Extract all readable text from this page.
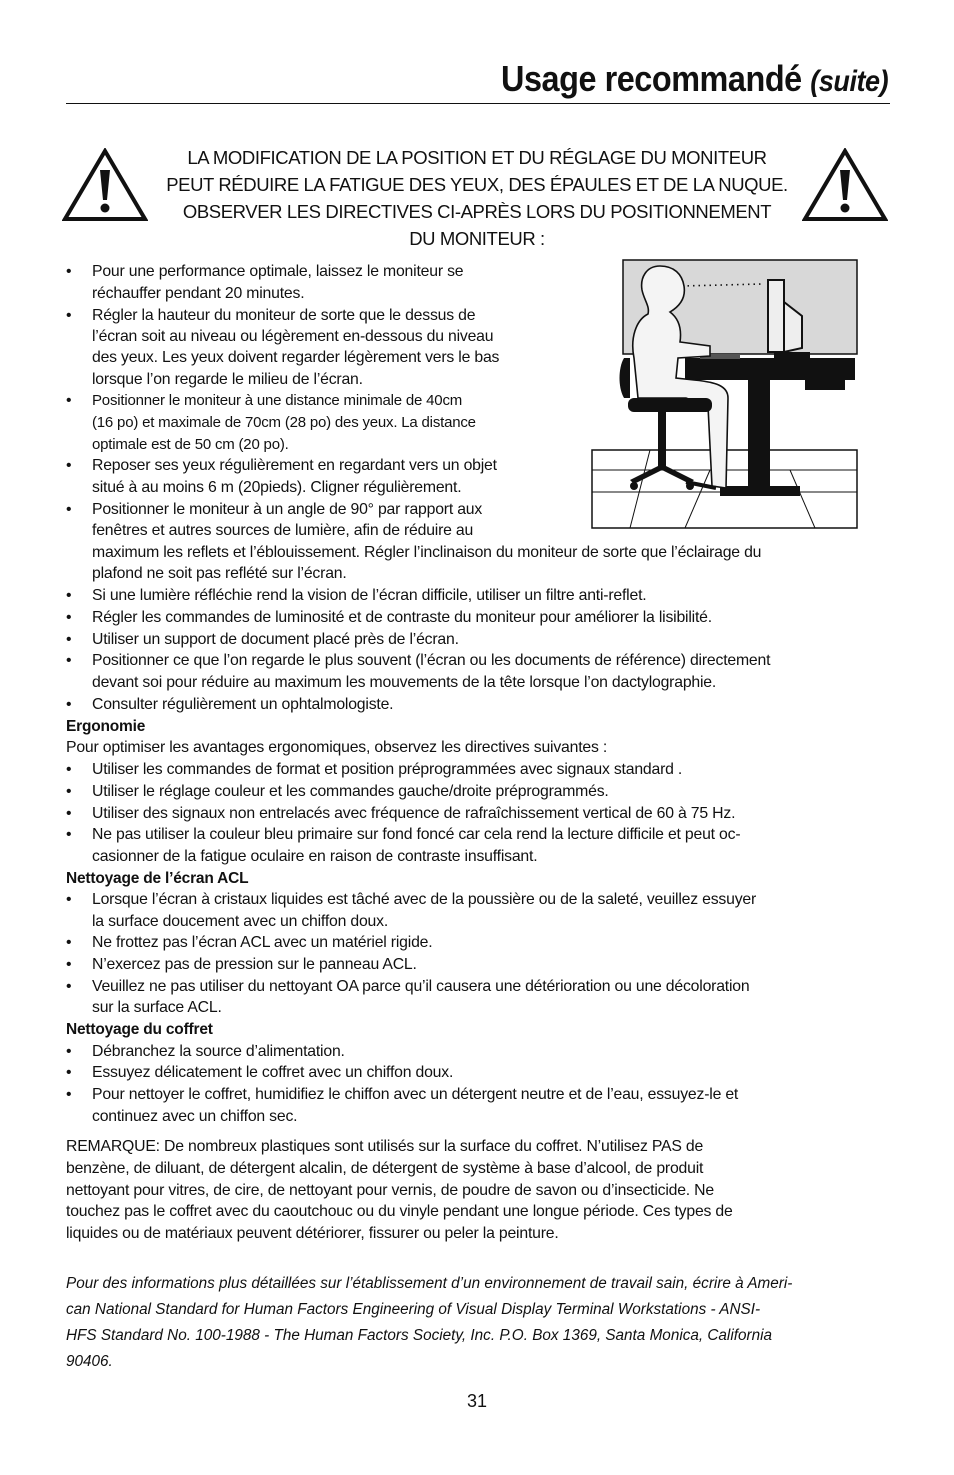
Usage recommandé (suite)
LA MODIFICATION DE LA POSITION ET DU RÉGLAGE DU MONITEUR
PEUT RÉDUIRE LA FATIGUE DES YEUX, DES ÉPAULES ET DE LA NUQUE.
OBSERVER LES DIRECTIVES CI-APRÈS LORS DU POSITIONNEMENT
DU MONITEUR :
• Pour une performance optimale, laissez le moniteur se
réchauffer pendant 20 minutes.
• Régler la hauteur du moniteur de sorte que le dessus de
l’écran soit au niveau ou légèrement en-dessous du niveau
des yeux. Les yeux doivent regarder légèrement vers le bas
lorsque l’on regarde le milieu de l’écran.
• Positionner le moniteur à une distance minimale de 40cm
(16 po) et maximale de 70cm (28 po) des yeux. La distance
optimale est de 50 cm (20 po).
• Reposer ses yeux régulièrement en regardant vers un objet
situé à au moins 6 m (20pieds). Cligner régulièrement.
• Positionner le moniteur à un angle de 90° par rapport aux
fenêtres et autres sources de lumière, afin de réduire au
maximum les reflets et l’éblouissement. Régler l’inclinaison du moniteur de sorte que l’éclairage du
plafond ne soit pas reflété sur l’écran.
• Si une lumière réfléchie rend la vision de l’écran difficile, utiliser un filtre anti-reflet.
• Régler les commandes de luminosité et de contraste du moniteur pour améliorer la lisibilité.
• Utiliser un support de document placé près de l’écran.
• Positionner ce que l’on regarde le plus souvent (l’écran ou les documents de référence) directement
devant soi pour réduire au maximum les mouvements de la tête lorsque l’on dactylographie.
• Consulter régulièrement un ophtalmologiste.
Ergonomie
Pour optimiser les avantages ergonomiques, observez les directives suivantes :
• Utiliser les commandes de format et position préprogrammées avec signaux standard .
• Utiliser le réglage couleur et les commandes gauche/droite préprogrammés.
• Utiliser des signaux non entrelacés avec fréquence de rafraîchissement vertical de 60 à 75 Hz.
• Ne pas utiliser la couleur bleu primaire sur fond foncé car cela rend la lecture difficile et peut oc-
casionner de la fatigue oculaire en raison de contraste insuffisant.
Nettoyage de l’écran ACL
• Lorsque l’écran à cristaux liquides est tâché avec de la poussière ou de la saleté, veuillez essuyer
la surface doucement avec un chiffon doux.
• Ne frottez pas l’écran ACL avec un matériel rigide.
• N’exercez pas de pression sur le panneau ACL.
• Veuillez ne pas utiliser du nettoyant OA parce qu’il causera une détérioration ou une décoloration
sur la surface ACL.
Nettoyage du coffret
• Débranchez la source d’alimentation.
• Essuyez délicatement le coffret avec un chiffon doux.
• Pour nettoyer le coffret, humidifiez le chiffon avec un détergent neutre et de l’eau, essuyez-le et
continuez avec un chiffon sec.
REMARQUE: De nombreux plastiques sont utilisés sur la surface du coffret. N’utilisez PAS de
benzène, de diluant, de détergent alcalin, de détergent de système à base d’alcool, de produit
nettoyant pour vitres, de cire, de nettoyant pour vernis, de poudre de savon ou d’insecticide. Ne
touchez pas le coffret avec du caoutchouc ou du vinyle pendant une longue période. Ces types de
liquides ou de matériaux peuvent détériorer, fissurer ou peler la peinture.
Pour des informations plus détaillées sur l’établissement d’un environnement de travail sain, écrire à Ameri-
can National Standard for Human Factors Engineering of Visual Display Terminal Workstations - ANSI-
HFS Standard No. 100-1988 - The Human Factors Society, Inc. P.O. Box 1369, Santa Monica, California
90406.
31
